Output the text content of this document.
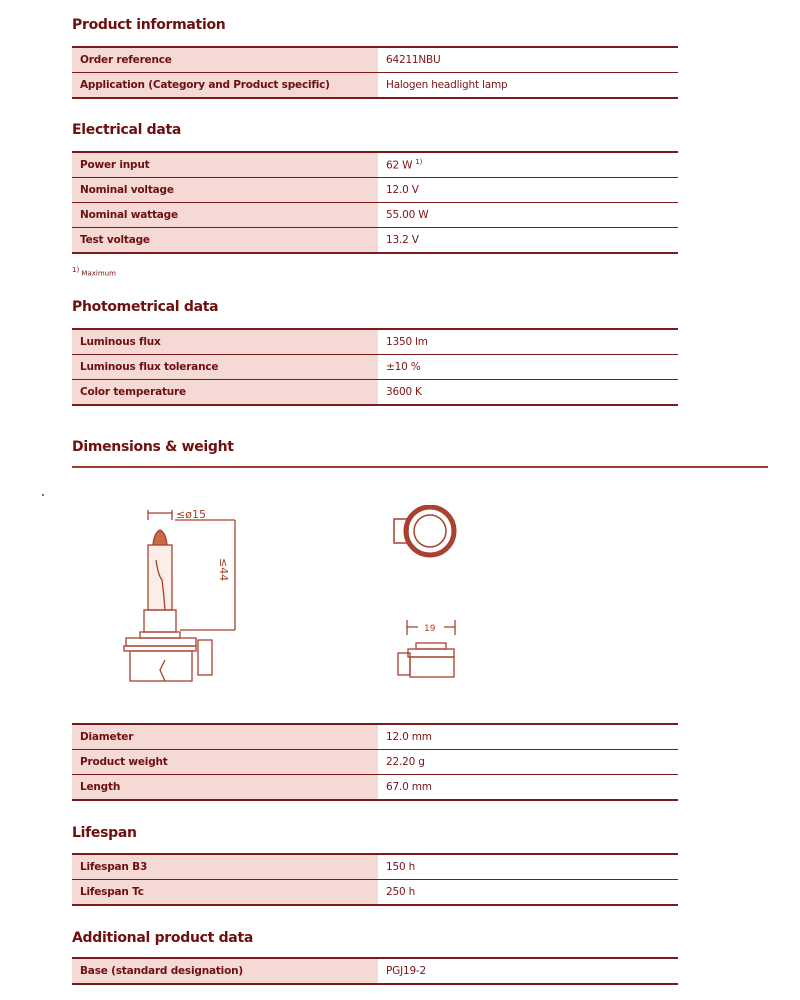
Product information
Order reference	64211NBU
Application (Category and Product specific)	Halogen headlight lamp
Electrical data
Power input	62 W $^{1)}$
Nominal voltage	12.0 V
Nominal wattage	55.00 W
Test voltage	13.2 V
$^{1)}$ Maximum
Photometrical data
Luminous flux	1350 lm
Luminous flux tolerance	±10 %
Color temperature	3600 K
Dimensions & weight
≤ø15
≤44
19
Diameter	12.0 mm
Product weight	22.20 g
Length	67.0 mm
Lifespan
Lifespan B3	150 h
Lifespan Tc	250 h
Additional product data
Base (standard designation)	PGJ19-2
